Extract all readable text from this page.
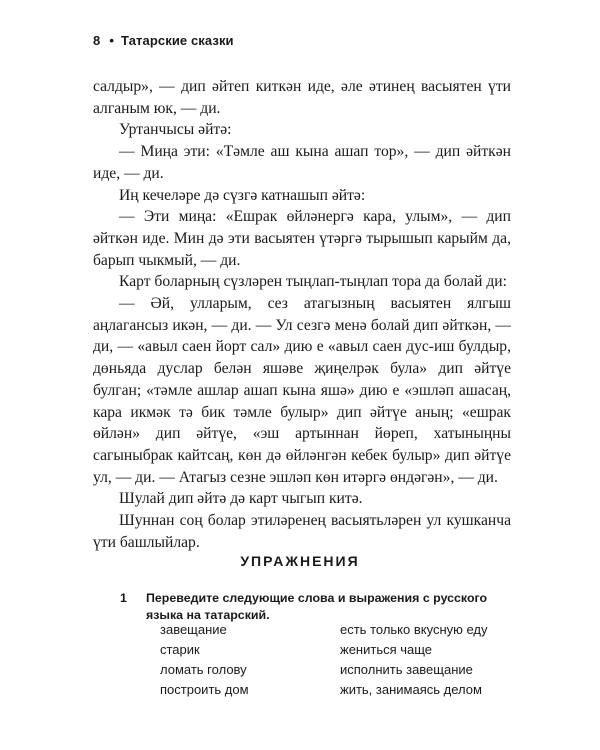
8 • Татарские сказки

салдыр», — дип әйтеп киткән иде, әле әтинең васыятен үти алганым юк, — ди.

Уртанчысы әйтә:

— Миңа эти: «Тәмле аш кына ашап тор», — дип әйткән иде, — ди.

Иң кечеләре дә сүзгә катнашып әйтә:

— Эти миңа: «Ешрак өйләнергә кара, улым», — дип әйткән иде. Мин дә эти васыятен үтәргә тырышып карыйм да, барып чыкмый, — ди.

Карт боларның сүзләрен тыңлап-тыңлап тора да болай ди:

— Әй, улларым, сез атагызның васыятен ялгыш аңлагансыз икән, — ди. — Ул сезгә менә болай дип әйткән, — ди, — «авыл саен йорт сал» дию е «авыл саен дус-иш булдыр, дөньяда дуслар белән яшәве җиңелрәк була» дип әйтүе булган; «тәмле ашлар ашап кына яшә» дию е «эшләп ашасаң, кара икмәк тә бик тәмле булыр» дип әйтүе аның; «ешрак өйлән» дип әйтүе, «эш артыннан йөреп, хатыныңны сагыныбрак кайтсаң, көн дә өйләнгән кебек булыр» дип әйтүе ул, — ди. — Атагыз сезне эшләп көн итәргә өндәгән», — ди.

Шулай дип әйтә дә карт чыгып китә.

Шуннан соң болар этиләренең васыятьләрен ул кушканча үти башлыйлар.

УПРАЖНЕНИЯ
1 Переведите следующие слова и выражения с русского языка на татарский.
завещание	есть только вкусную еду
старик	жениться чаще
ломать голову	исполнить завещание
построить дом	жить, занимаясь делом
